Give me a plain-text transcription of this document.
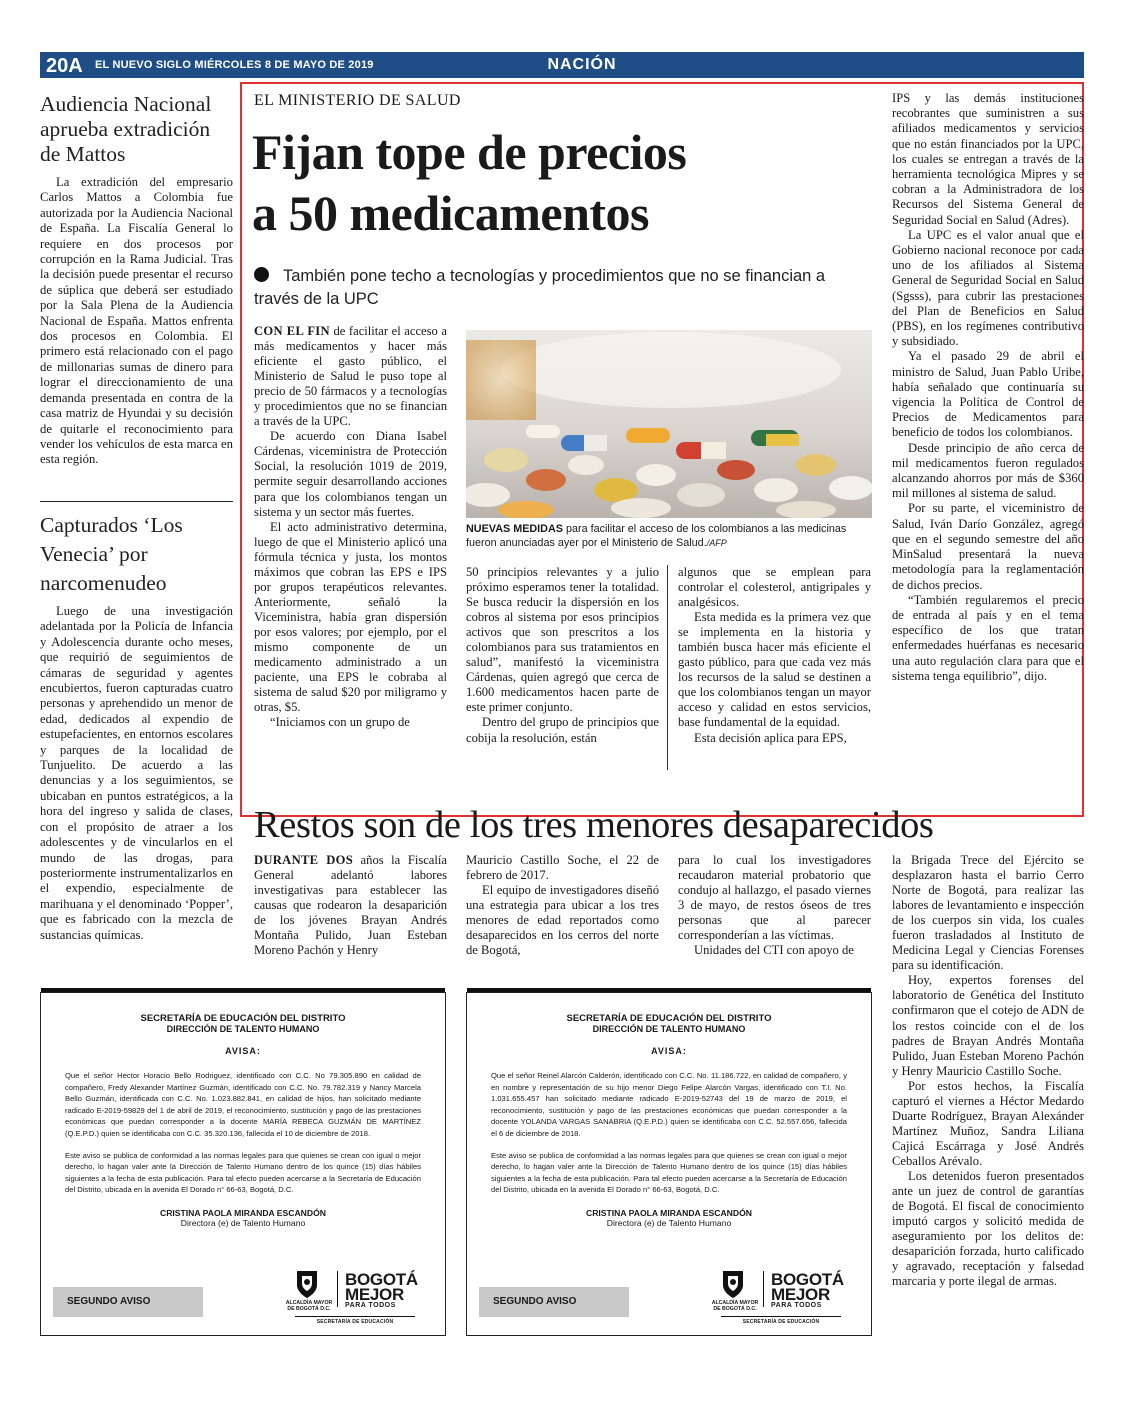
20A EL NUEVO SIGLO MIÉRCOLES 8 DE MAYO DE 2019	NACIÓN
Audiencia Nacional aprueba extradición de Mattos

La extradición del empresario Carlos Mattos a Colombia fue autorizada por la Audiencia Nacional de España. La Fiscalía General lo requiere en dos procesos por corrupción en la Rama Judicial. Tras la decisión puede presentar el recurso de súplica que deberá ser estudiado por la Sala Plena de la Audiencia Nacional de España. Mattos enfrenta dos procesos en Colombia. El primero está relacionado con el pago de millonarias sumas de dinero para lograr el direccionamiento de una demanda presentada en contra de la casa matriz de Hyundai y su decisión de quitarle el reconocimiento para vender los vehículos de esta marca en esta región.

Capturados ‘Los Venecia’ por narcomenudeo

Luego de una investigación adelantada por la Policía de Infancia y Adolescencia durante ocho meses, que requirió de seguimientos de cámaras de seguridad y agentes encubiertos, fueron capturadas cuatro personas y aprehendido un menor de edad, dedicados al expendio de estupefacientes, en entornos escolares y parques de la localidad de Tunjuelito. De acuerdo a las denuncias y a los seguimientos, se ubicaban en puntos estratégicos, a la hora del ingreso y salida de clases, con el propósito de atraer a los adolescentes y de vincularlos en el mundo de las drogas, para posteriormente instrumentalizarlos en el expendio, especialmente de marihuana y el denominado ‘Popper’, que es fabricado con la mezcla de sustancias químicas.

EL MINISTERIO DE SALUD
Fijan tope de precios
a 50 medicamentos
También pone techo a tecnologías y procedimientos que no se financian a través de la UPC

CON EL FIN de facilitar el acceso a más medicamentos y hacer más eficiente el gasto público, el Ministerio de Salud le puso tope al precio de 50 fármacos y a tecnologías y procedimientos que no se financian a través de la UPC.

De acuerdo con Diana Isabel Cárdenas, viceministra de Protección Social, la resolución 1019 de 2019, permite seguir desarrollando acciones para que los colombianos tengan un sistema y un sector más fuertes.

El acto administrativo determina, luego de que el Ministerio aplicó una fórmula técnica y justa, los montos máximos que cobran las EPS e IPS por grupos terapéuticos relevantes. Anteriormente, señaló la Viceministra, había gran dispersión por esos valores; por ejemplo, por el mismo componente de un medicamento administrado a un paciente, una EPS le cobraba al sistema de salud $20 por miligramo y otras, $5.

“Iniciamos con un grupo de

NUEVAS MEDIDAS para facilitar el acceso de los colombianos a las medicinas fueron anunciadas ayer por el Ministerio de Salud./AFP

50 principios relevantes y a julio próximo esperamos tener la totalidad. Se busca reducir la dispersión en los cobros al sistema por esos principios activos que son prescritos a los colombianos para sus tratamientos en salud”, manifestó la viceministra Cárdenas, quien agregó que cerca de 1.600 medicamentos hacen parte de este primer conjunto.

Dentro del grupo de principios que cobija la resolución, están

algunos que se emplean para controlar el colesterol, antigripales y analgésicos.

Esta medida es la primera vez que se implementa en la historia y también busca hacer más eficiente el gasto público, para que cada vez más los recursos de la salud se destinen a que los colombianos tengan un mayor acceso y calidad en estos servicios, base fundamental de la equidad.

Esta decisión aplica para EPS,

IPS y las demás instituciones recobrantes que suministren a sus afiliados medicamentos y servicios que no están financiados por la UPC, los cuales se entregan a través de la herramienta tecnológica Mipres y se cobran a la Administradora de los Recursos del Sistema General de Seguridad Social en Salud (Adres).

La UPC es el valor anual que el Gobierno nacional reconoce por cada uno de los afiliados al Sistema General de Seguridad Social en Salud (Sgsss), para cubrir las prestaciones del Plan de Beneficios en Salud (PBS), en los regímenes contributivo y subsidiado.

Ya el pasado 29 de abril el ministro de Salud, Juan Pablo Uribe, había señalado que continuaría su vigencia la Política de Control de Precios de Medicamentos para beneficio de todos los colombianos.

Desde principio de año cerca de mil medicamentos fueron regulados alcanzando ahorros por más de $360 mil millones al sistema de salud.

Por su parte, el viceministro de Salud, Iván Darío González, agregó que en el segundo semestre del año MinSalud presentará la nueva metodología para la reglamentación de dichos precios.

“También regularemos el precio de entrada al país y en el tema específico de los que tratan enfermedades huérfanas es necesario una auto regulación clara para que el sistema tenga equilibrio”, dijo.

Restos son de los tres menores desaparecidos

DURANTE DOS años la Fiscalía General adelantó labores investigativas para establecer las causas que rodearon la desaparición de los jóvenes Brayan Andrés Montaña Pulido, Juan Esteban Moreno Pachón y Henry

Mauricio Castillo Soche, el 22 de febrero de 2017.

El equipo de investigadores diseñó una estrategia para ubicar a los tres menores de edad reportados como desaparecidos en los cerros del norte de Bogotá,

para lo cual los investigadores recaudaron material probatorio que condujo al hallazgo, el pasado viernes 3 de mayo, de restos óseos de tres personas que al parecer corresponderían a las víctimas.

Unidades del CTI con apoyo de

la Brigada Trece del Ejército se desplazaron hasta el barrio Cerro Norte de Bogotá, para realizar las labores de levantamiento e inspección de los cuerpos sin vida, los cuales fueron trasladados al Instituto de Medicina Legal y Ciencias Forenses para su identificación.

Hoy, expertos forenses del laboratorio de Genética del Instituto confirmaron que el cotejo de ADN de los restos coincide con el de los padres de Brayan Andrés Montaña Pulido, Juan Esteban Moreno Pachón y Henry Mauricio Castillo Soche.

Por estos hechos, la Fiscalía capturó el viernes a Héctor Medardo Duarte Rodríguez, Brayan Alexánder Martínez Muñoz, Sandra Liliana Cajicá Escárraga y José Andrés Ceballos Arévalo.

Los detenidos fueron presentados ante un juez de control de garantías de Bogotá. El fiscal de conocimiento imputó cargos y solicitó medida de aseguramiento por los delitos de: desaparición forzada, hurto calificado y agravado, receptación y falsedad marcaria y porte ilegal de armas.

SECRETARÍA DE EDUCACIÓN DEL DISTRITO
DIRECCIÓN DE TALENTO HUMANO
AVISA:

Que el señor Hector Horacio Bello Rodriguez, identificado con C.C. No 79.305.890 en calidad de compañero, Fredy Alexander Martínez Guzmán, identificado con C.C. No. 79.782.319 y Nancy Marcela Bello Guzmán, identificada con C.C. No. 1.023.882.841, en calidad de hijos, han solicitado mediante radicado E-2019-59829 del 1 de abril de 2019, el reconocimiento, sustitución y pago de las prestaciones económicas que puedan corresponder a la docente MARÍA REBECA GUZMÁN DE MARTÍNEZ (Q.E.P.D.) quien se identificaba con C.C. 35.320.136, fallecida el 10 de diciembre de 2018.

Este aviso se publica de conformidad a las normas legales para que quienes se crean con igual o mejor derecho, lo hagan valer ante la Dirección de Talento Humano dentro de los quince (15) días hábiles siguientes a la fecha de esta publicación. Para tal efecto pueden acercarse a la Secretaría de Educación del Distrito, ubicada en la avenida El Dorado n° 66-63, Bogotá, D.C.

CRISTINA PAOLA MIRANDA ESCANDÓN
Directora (e) de Talento Humano
SEGUNDO AVISO	ALCALDÍA MAYOR
DE BOGOTÁ D.C.
BOGOTÁ
MEJOR
PARA TODOS
SECRETARÍA DE EDUCACIÓN
SECRETARÍA DE EDUCACIÓN DEL DISTRITO
DIRECCIÓN DE TALENTO HUMANO
AVISA:

Que el señor Reinel Alarcón Calderón, identificado con C.C. No. 11.186.722, en calidad de compañero, y en nombre y representación de su hijo menor Diego Felipe Alarcón Vargas, identificado con T.I. No. 1.031.655.457 han solicitado mediante radicado E-2019-52743 del 19 de marzo de 2019, el reconocimiento, sustitución y pago de las prestaciones económicas que puedan corresponder a la docente YOLANDA VARGAS SANABRIA (Q.E.P.D.) quien se identificaba con C.C. 52.557.656, fallecida el 6 de diciembre de 2018.

Este aviso se publica de conformidad a las normas legales para que quienes se crean con igual o mejor derecho, lo hagan valer ante la Dirección de Talento Humano dentro de los quince (15) días hábiles siguientes a la fecha de esta publicación. Para tal efecto pueden acercarse a la Secretaría de Educación del Distrito, ubicada en la avenida El Dorado n° 66-63, Bogotá, D.C.

CRISTINA PAOLA MIRANDA ESCANDÓN
Directora (e) de Talento Humano
SEGUNDO AVISO	ALCALDÍA MAYOR
DE BOGOTÁ D.C.
BOGOTÁ
MEJOR
PARA TODOS
SECRETARÍA DE EDUCACIÓN
